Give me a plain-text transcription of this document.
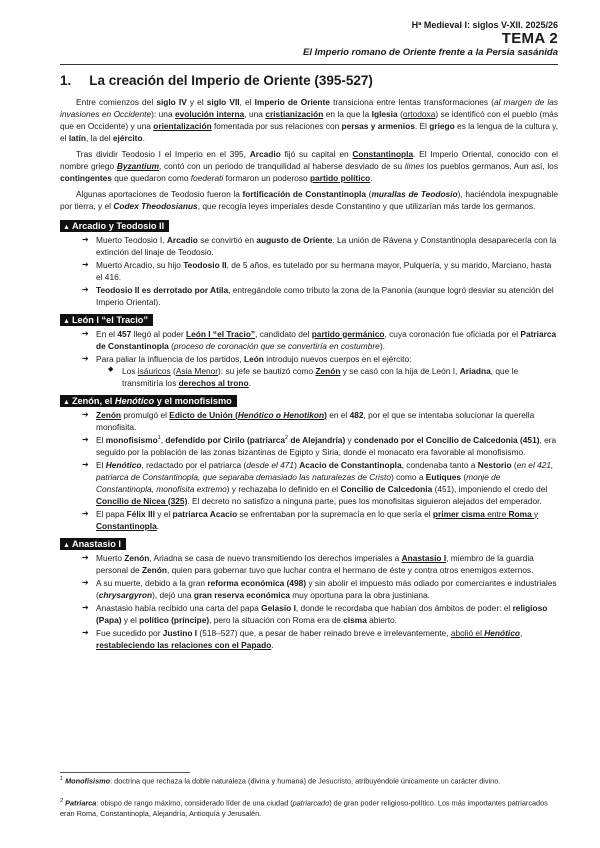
Hª Medieval I: siglos V-XII. 2025/26
TEMA 2
El Imperio romano de Oriente frente a la Persia sasánida
1. La creación del Imperio de Oriente (395-527)

Entre comienzos del siglo IV y el siglo VII, el Imperio de Oriente transiciona entre lentas transformaciones (al margen de las invasiones en Occidente): una evolución interna, una cristianización en la que la Iglesia (ortodoxa) se identificó con el pueblo (más que en Occidente) y una orientalización fomentada por sus relaciones con persas y armenios. El griego es la lengua de la cultura y, el latín, la del ejército.

Tras dividir Teodosio I el Imperio en el 395, Arcadio fijó su capital en Constantinopla. El Imperio Oriental, conocido con el nombre griego Byzantium, contó con un periodo de tranquilidad al haberse desviado de su limes los pueblos germanos. Aun así, los contingentes que quedaron como foederati formaron un poderoso partido político.

Algunas aportaciones de Teodosio fueron la fortificación de Constantinopla (murallas de Teodosio), haciéndola inexpugnable por tierra, y el Codex Theodosianus, que recogía leyes imperiales desde Constantino y que utilizarían más tarde los germanos.

▲ Arcadio y Teodosio II
➔ Muerto Teodosio I, Arcadio se convirtió en augusto de Oriente. La unión de Rávena y Constantinopla desaparecería con la extinción del linaje de Teodosio.
➔ Muerto Arcadio, su hijo Teodosio II, de 5 años, es tutelado por su hermana mayor, Pulquería, y su marido, Marciano, hasta el 416.
➔ Teodosio II es derrotado por Atila, entregándole como tributo la zona de la Panonia (aunque logró desviar su atención del Imperio Oriental).
▲ León I “el Tracio”
➔ En el 457 llegó al poder León I “el Tracio”, candidato del partido germánico, cuya coronación fue oficiada por el Patriarca de Constantinopla (proceso de coronación que se convertiría en costumbre).
➔ Para paliar la influencia de los partidos, León introdujo nuevos cuerpos en el ejército:
◆ Los isáuricos (Asia Menor): su jefe se bautizó como Zenón y se casó con la hija de León I, Ariadna, que le transmitiría los derechos al trono.
▲ Zenón, el Henótico y el monofisismo
➔ Zenón promulgó el Edicto de Unión (Henótico o Henotikon) en el 482, por el que se intentaba solucionar la querella monofisita.
➔ El monofisismo$^1$, defendido por Cirilo (patriarca$^2$ de Alejandría) y condenado por el Concilio de Calcedonia (451), era seguido por la población de las zonas bizantinas de Egipto y Siria, donde el monacato era favorable al monofisismo.
➔ El Henótico, redactado por el patriarca (desde el 471) Acacio de Constantinopla, condenaba tanto a Nestorio (en el 421, patriarca de Constantinopla, que separaba demasiado las naturalezas de Cristo) como a Eutiques (monje de Constantinopla, monofisita extremo) y rechazaba lo definido en el Concilio de Calcedonia (451), imponiendo el credo del Concilio de Nicea (325). El decreto no satisfizo a ninguna parte, pues los monofisitas siguieron alejados del emperador.
➔ El papa Félix III y el patriarca Acacio se enfrentaban por la supremacía en lo que sería el primer cisma entre Roma y Constantinopla.
▲ Anastasio I
➔ Muerto Zenón, Ariadna se casa de nuevo transmitiendo los derechos imperiales a Anastasio I, miembro de la guardia personal de Zenón, quien para gobernar tuvo que luchar contra el hermano de éste y contra otros enemigos externos.
➔ A su muerte, debido a la gran reforma económica (498) y sin abolir el impuesto más odiado por comerciantes e industriales (chrysargyron), dejó una gran reserva económica muy oportuna para la obra justiniana.
➔ Anastasio había recibido una carta del papa Gelasio I, donde le recordaba que habían dos ámbitos de poder: el religioso (Papa) y el político (príncipe), pero la situación con Roma era de cisma abierto.
➔ Fue sucedido por Justino I (518–527) que, a pesar de haber reinado breve e irrelevantemente, abolió el Henótico, restableciendo las relaciones con el Papado.
$^1$ Monofisismo: doctrina que rechaza la doble naturaleza (divina y humana) de Jesucristo, atribuyéndole únicamente un carácter divino.
$^2$ Patriarca: obispo de rango máximo, considerado líder de una ciudad (patriarcado) de gran poder religioso-político. Los más importantes patriarcados eran Roma, Constantinopla, Alejandría, Antioquía y Jerusalén.
